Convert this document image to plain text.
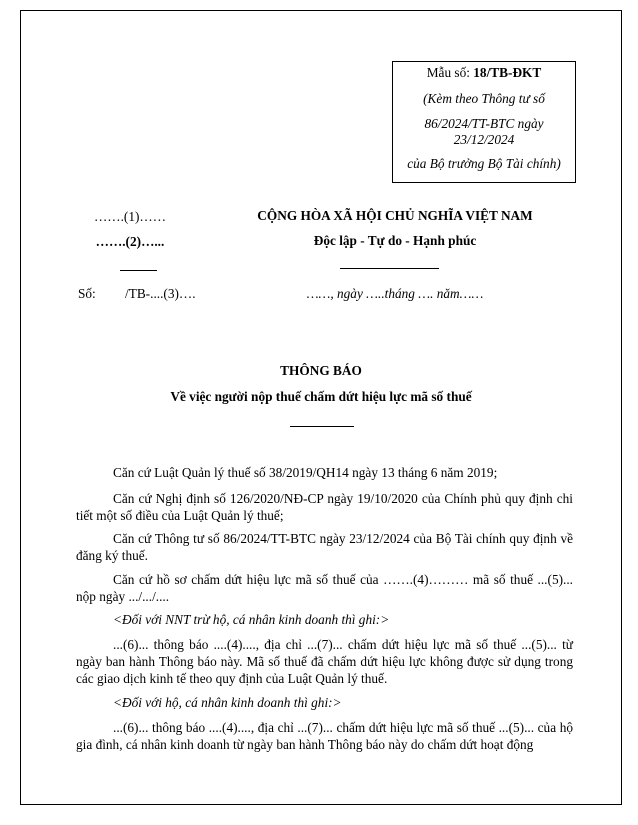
Mẫu số: 18/TB-ĐKT
(Kèm theo Thông tư số
86/2024/TT-BTC ngày
23/12/2024
của Bộ trưởng Bộ Tài chính)
…….(1)……
…….(2)…...
Số: /TB-....(3)….
CỘNG HÒA XÃ HỘI CHỦ NGHĨA VIỆT NAM
Độc lập - Tự do - Hạnh phúc
……, ngày …..tháng …. năm……
THÔNG BÁO
Về việc người nộp thuế chấm dứt hiệu lực mã số thuế
Căn cứ Luật Quản lý thuế số 38/2019/QH14 ngày 13 tháng 6 năm 2019;
Căn cứ Nghị định số 126/2020/NĐ-CP ngày 19/10/2020 của Chính phủ quy định chi tiết một số điều của Luật Quản lý thuế;
Căn cứ Thông tư số 86/2024/TT-BTC ngày 23/12/2024 của Bộ Tài chính quy định về đăng ký thuế.
Căn cứ hồ sơ chấm dứt hiệu lực mã số thuế của …….(4)……… mã số thuế ...(5)... nộp ngày .../.../....
<Đối với NNT trừ hộ, cá nhân kinh doanh thì ghi:>
...(6)... thông báo ....(4)...., địa chỉ ...(7)... chấm dứt hiệu lực mã số thuế ...(5)... từ ngày ban hành Thông báo này. Mã số thuế đã chấm dứt hiệu lực không được sử dụng trong các giao dịch kinh tế theo quy định của Luật Quản lý thuế.
<Đối với hộ, cá nhân kinh doanh thì ghi:>
...(6)... thông báo ....(4)...., địa chỉ ...(7)... chấm dứt hiệu lực mã số thuế ...(5)... của hộ gia đình, cá nhân kinh doanh từ ngày ban hành Thông báo này do chấm dứt hoạt động
